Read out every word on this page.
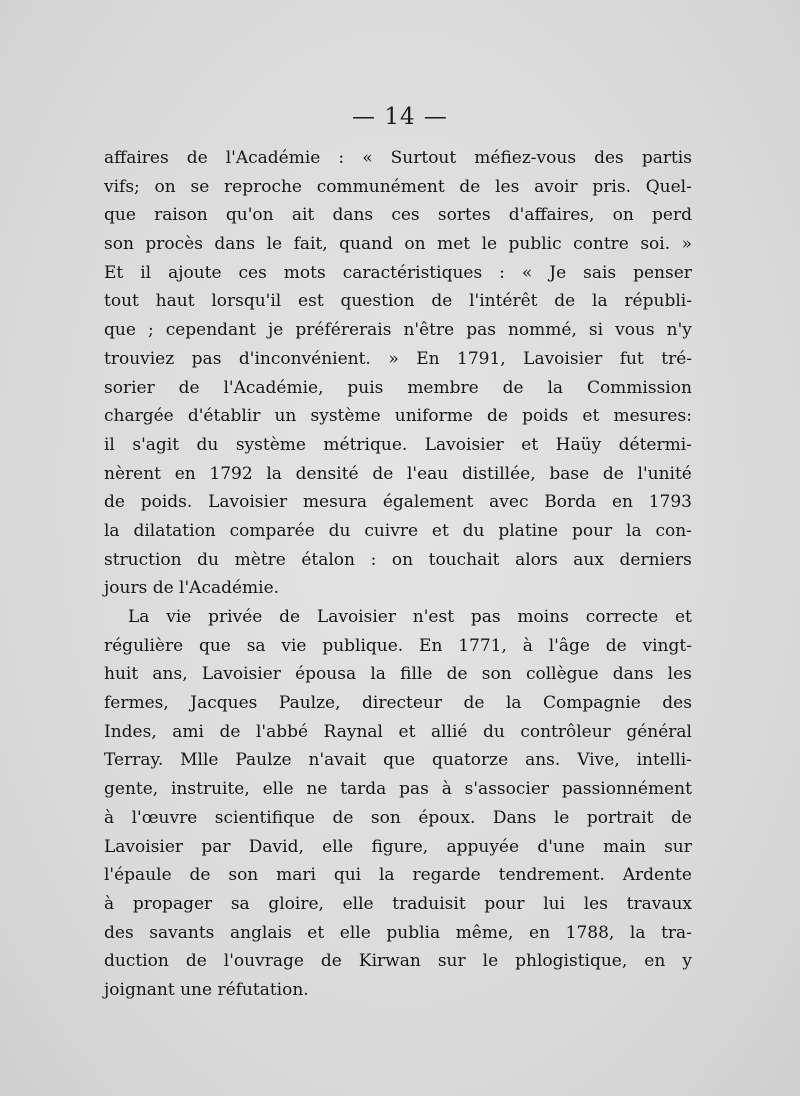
— 14 —
affaires de l'Académie : « Surtout méfiez-vous des partis
vifs; on se reproche communément de les avoir pris. Quel-
que raison qu'on ait dans ces sortes d'affaires, on perd
son procès dans le fait, quand on met le public contre soi. »
Et il ajoute ces mots caractéristiques : « Je sais penser
tout haut lorsqu'il est question de l'intérêt de la républi-
que ; cependant je préférerais n'être pas nommé, si vous n'y
trouviez pas d'inconvénient. » En 1791, Lavoisier fut tré-
sorier de l'Académie, puis membre de la Commission
chargée d'établir un système uniforme de poids et mesures:
il s'agit du système métrique. Lavoisier et Haüy détermi-
nèrent en 1792 la densité de l'eau distillée, base de l'unité
de poids. Lavoisier mesura également avec Borda en 1793
la dilatation comparée du cuivre et du platine pour la con-
struction du mètre étalon : on touchait alors aux derniers
jours de l'Académie.
La vie privée de Lavoisier n'est pas moins correcte et
régulière que sa vie publique. En 1771, à l'âge de vingt-
huit ans, Lavoisier épousa la fille de son collègue dans les
fermes, Jacques Paulze, directeur de la Compagnie des
Indes, ami de l'abbé Raynal et allié du contrôleur général
Terray. Mlle Paulze n'avait que quatorze ans. Vive, intelli-
gente, instruite, elle ne tarda pas à s'associer passionnément
à l'œuvre scientifique de son époux. Dans le portrait de
Lavoisier par David, elle figure, appuyée d'une main sur
l'épaule de son mari qui la regarde tendrement. Ardente
à propager sa gloire, elle traduisit pour lui les travaux
des savants anglais et elle publia même, en 1788, la tra-
duction de l'ouvrage de Kirwan sur le phlogistique, en y
joignant une réfutation.
